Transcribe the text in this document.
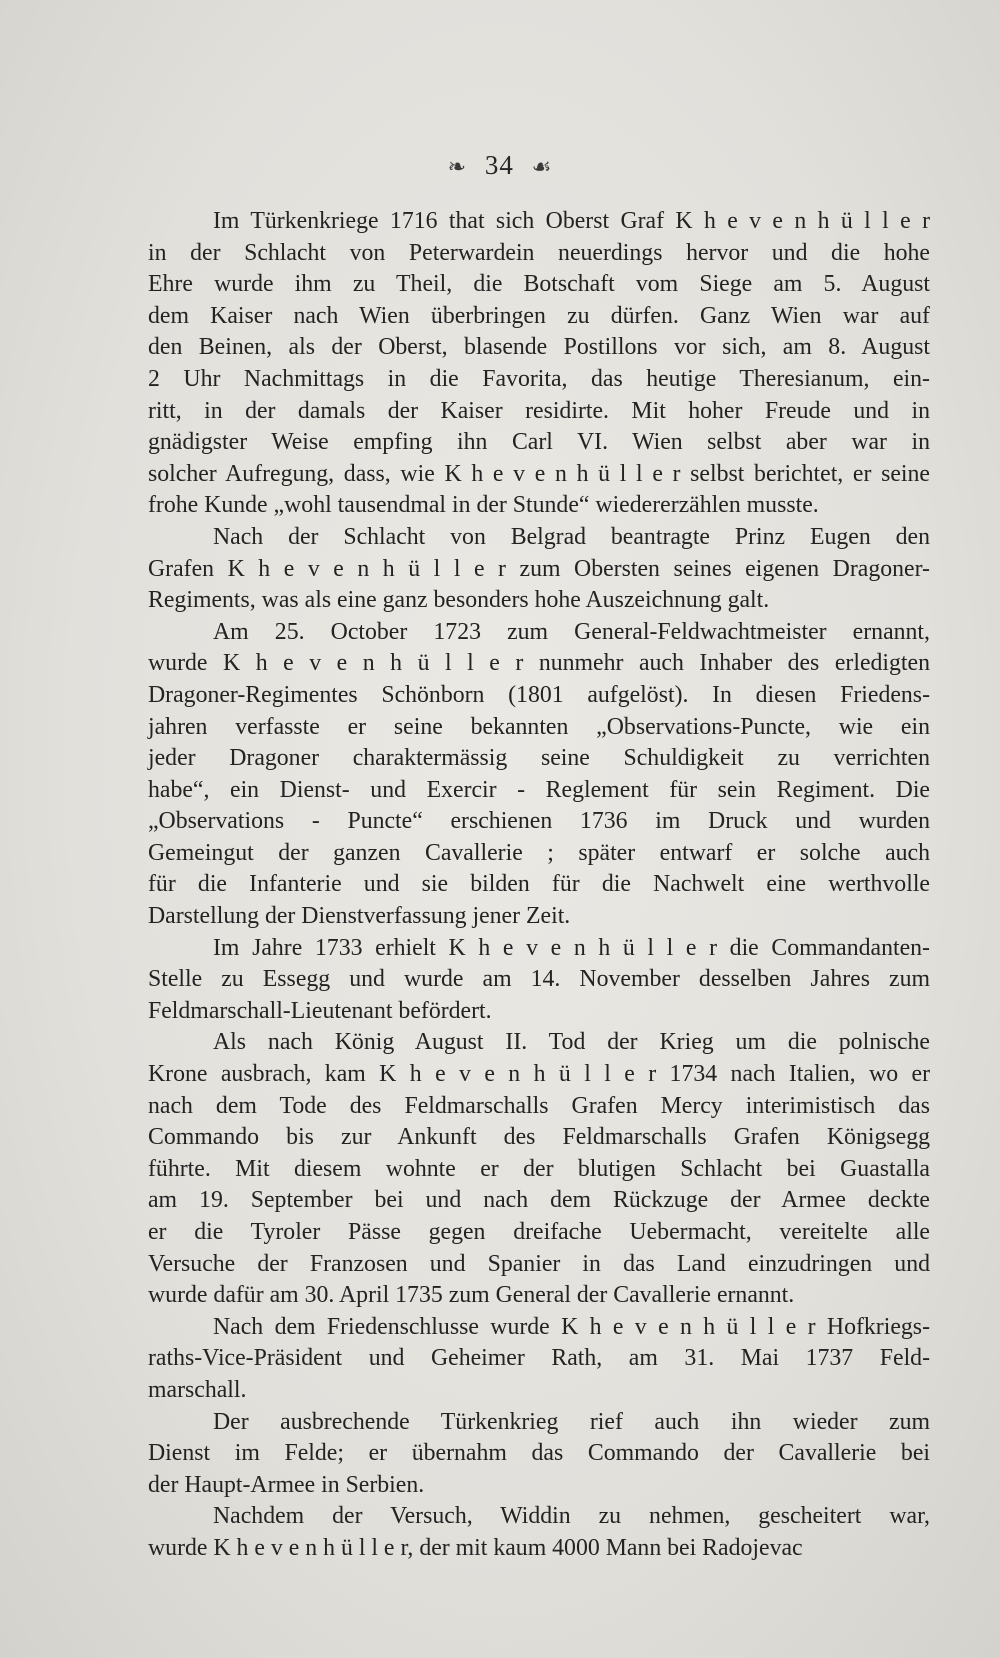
❧ 34 ☙

Im Türkenkriege 1716 that sich Oberst Graf K h e v e n h ü l l e r
in der Schlacht von Peterwardein neuerdings hervor und die hohe
Ehre wurde ihm zu Theil, die Botschaft vom Siege am 5. August
dem Kaiser nach Wien überbringen zu dürfen. Ganz Wien war auf
den Beinen, als der Oberst, blasende Postillons vor sich, am 8. August
2 Uhr Nachmittags in die Favorita, das heutige Theresianum, ein-
ritt, in der damals der Kaiser residirte. Mit hoher Freude und in
gnädigster Weise empfing ihn Carl VI. Wien selbst aber war in
solcher Aufregung, dass, wie K h e v e n h ü l l e r selbst berichtet, er seine
frohe Kunde „wohl tausendmal in der Stunde“ wiedererzählen musste.

Nach der Schlacht von Belgrad beantragte Prinz Eugen den
Grafen K h e v e n h ü l l e r zum Obersten seines eigenen Dragoner-
Regiments, was als eine ganz besonders hohe Auszeichnung galt.

Am 25. October 1723 zum General-Feldwachtmeister ernannt,
wurde K h e v e n h ü l l e r nunmehr auch Inhaber des erledigten
Dragoner-Regimentes Schönborn (1801 aufgelöst). In diesen Friedens-
jahren verfasste er seine bekannten „Observations-Puncte, wie ein
jeder Dragoner charaktermässig seine Schuldigkeit zu verrichten
habe“, ein Dienst- und Exercir - Reglement für sein Regiment. Die
„Observations - Puncte“ erschienen 1736 im Druck und wurden
Gemeingut der ganzen Cavallerie ; später entwarf er solche auch
für die Infanterie und sie bilden für die Nachwelt eine werthvolle
Darstellung der Dienstverfassung jener Zeit.

Im Jahre 1733 erhielt K h e v e n h ü l l e r die Commandanten-
Stelle zu Essegg und wurde am 14. November desselben Jahres zum
Feldmarschall-Lieutenant befördert.

Als nach König August II. Tod der Krieg um die polnische
Krone ausbrach, kam K h e v e n h ü l l e r 1734 nach Italien, wo er
nach dem Tode des Feldmarschalls Grafen Mercy interimistisch das
Commando bis zur Ankunft des Feldmarschalls Grafen Königsegg
führte. Mit diesem wohnte er der blutigen Schlacht bei Guastalla
am 19. September bei und nach dem Rückzuge der Armee deckte
er die Tyroler Pässe gegen dreifache Uebermacht, vereitelte alle
Versuche der Franzosen und Spanier in das Land einzudringen und
wurde dafür am 30. April 1735 zum General der Cavallerie ernannt.

Nach dem Friedenschlusse wurde K h e v e n h ü l l e r Hofkriegs-
raths-Vice-Präsident und Geheimer Rath, am 31. Mai 1737 Feld-
marschall.

Der ausbrechende Türkenkrieg rief auch ihn wieder zum
Dienst im Felde; er übernahm das Commando der Cavallerie bei
der Haupt-Armee in Serbien.

Nachdem der Versuch, Widdin zu nehmen, gescheitert war,
wurde K h e v e n h ü l l e r, der mit kaum 4000 Mann bei Radojevac
